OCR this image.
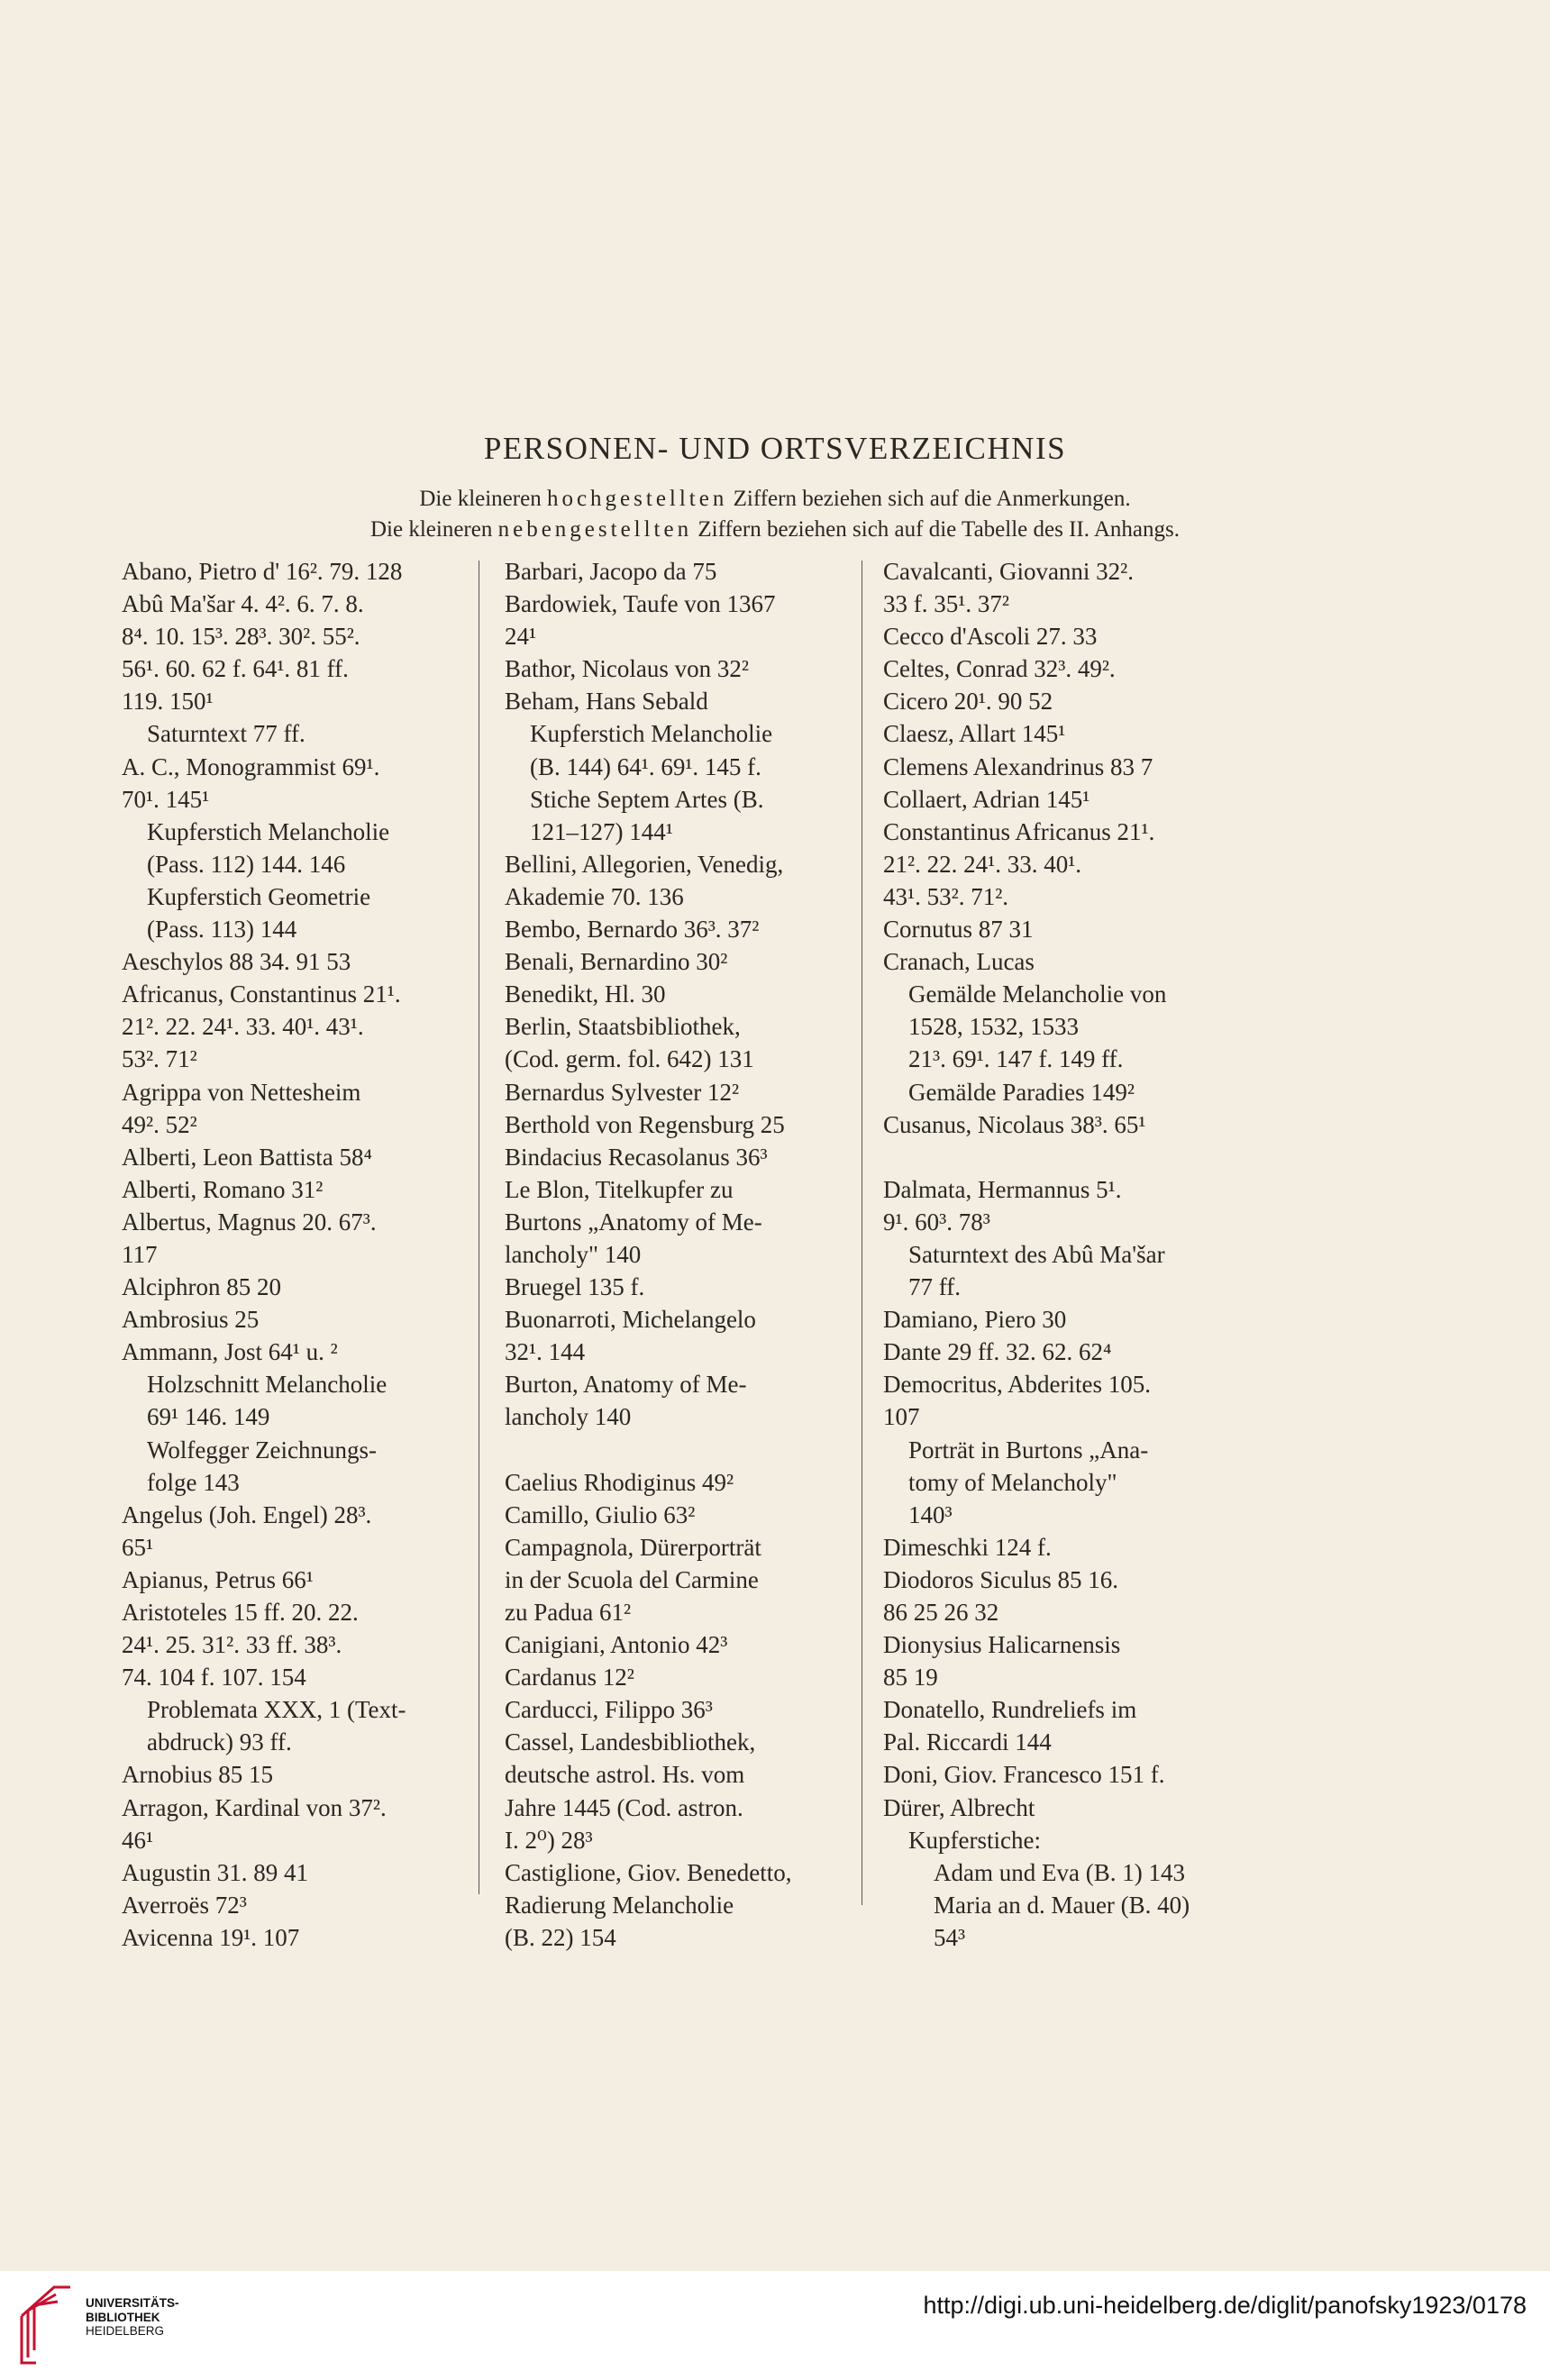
PERSONEN- UND ORTSVERZEICHNIS
Die kleineren hochgestellten Ziffern beziehen sich auf die Anmerkungen.
Die kleineren nebengestellten Ziffern beziehen sich auf die Tabelle des II. Anhangs.
Abano, Pietro d' 16². 79. 128
Abû Ma'šar 4. 4². 6. 7. 8.
8⁴. 10. 15³. 28³. 30². 55².
56¹. 60. 62 f. 64¹. 81 ff.
119. 150¹
Saturntext 77 ff.
A. C., Monogrammist 69¹.
70¹. 145¹
Kupferstich Melancholie
(Pass. 112) 144. 146
Kupferstich Geometrie
(Pass. 113) 144
Aeschylos 88 34. 91 53
Africanus, Constantinus 21¹.
21². 22. 24¹. 33. 40¹. 43¹.
53². 71²
Agrippa von Nettesheim
49². 52²
Alberti, Leon Battista 58⁴
Alberti, Romano 31²
Albertus, Magnus 20. 67³.
117
Alciphron 85 20
Ambrosius 25
Ammann, Jost 64¹ u. ²
Holzschnitt Melancholie
69¹ 146. 149
Wolfegger Zeichnungs-
folge 143
Angelus (Joh. Engel) 28³.
65¹
Apianus, Petrus 66¹
Aristoteles 15 ff. 20. 22.
24¹. 25. 31². 33 ff. 38³.
74. 104 f. 107. 154
Problemata XXX, 1 (Text-
abdruck) 93 ff.
Arnobius 85 15
Arragon, Kardinal von 37².
46¹
Augustin 31. 89 41
Averroës 72³
Avicenna 19¹. 107
Barbari, Jacopo da 75
Bardowiek, Taufe von 1367
24¹
Bathor, Nicolaus von 32²
Beham, Hans Sebald
Kupferstich Melancholie
(B. 144) 64¹. 69¹. 145 f.
Stiche Septem Artes (B.
121–127) 144¹
Bellini, Allegorien, Venedig,
Akademie 70. 136
Bembo, Bernardo 36³. 37²
Benali, Bernardino 30²
Benedikt, Hl. 30
Berlin, Staatsbibliothek,
(Cod. germ. fol. 642) 131
Bernardus Sylvester 12²
Berthold von Regensburg 25
Bindacius Recasolanus 36³
Le Blon, Titelkupfer zu
Burtons „Anatomy of Me-
lancholy" 140
Bruegel 135 f.
Buonarroti, Michelangelo
32¹. 144
Burton, Anatomy of Me-
lancholy 140
Caelius Rhodiginus 49²
Camillo, Giulio 63²
Campagnola, Dürerporträt
in der Scuola del Carmine
zu Padua 61²
Canigiani, Antonio 42³
Cardanus 12²
Carducci, Filippo 36³
Cassel, Landesbibliothek,
deutsche astrol. Hs. vom
Jahre 1445 (Cod. astron.
I. 2⁰) 28³
Castiglione, Giov. Benedetto,
Radierung Melancholie
(B. 22) 154
Cavalcanti, Giovanni 32².
33 f. 35¹. 37²
Cecco d'Ascoli 27. 33
Celtes, Conrad 32³. 49².
Cicero 20¹. 90 52
Claesz, Allart 145¹
Clemens Alexandrinus 83 7
Collaert, Adrian 145¹
Constantinus Africanus 21¹.
21². 22. 24¹. 33. 40¹.
43¹. 53². 71².
Cornutus 87 31
Cranach, Lucas
Gemälde Melancholie von
1528, 1532, 1533
21³. 69¹. 147 f. 149 ff.
Gemälde Paradies 149²
Cusanus, Nicolaus 38³. 65¹
Dalmata, Hermannus 5¹.
9¹. 60³. 78³
Saturntext des Abû Ma'šar
77 ff.
Damiano, Piero 30
Dante 29 ff. 32. 62. 62⁴
Democritus, Abderites 105.
107
Porträt in Burtons „Ana-
tomy of Melancholy"
140³
Dimeschki 124 f.
Diodoros Siculus 85 16.
86 25 26 32
Dionysius Halicarnensis
85 19
Donatello, Rundreliefs im
Pal. Riccardi 144
Doni, Giov. Francesco 151 f.
Dürer, Albrecht
Kupferstiche:
Adam und Eva (B. 1) 143
Maria an d. Mauer (B. 40)
54³
UNIVERSITÄTS-
BIBLIOTHEK
HEIDELBERG
http://digi.ub.uni-heidelberg.de/diglit/panofsky1923/0178
